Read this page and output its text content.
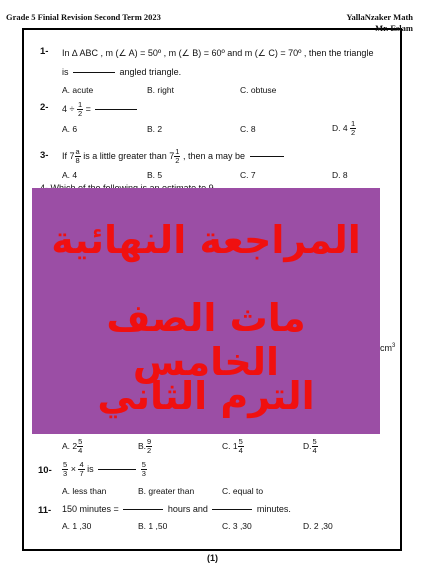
Grade 5 Finial Revision Second Term 2023	YallaNzaker Math
Mr. Eslam
1- In ∆ ABC , m (∠ A) = 50º , m (∠ B) = 60º and m (∠ C) = 70º , then the triangle
is	angled triangle.
A. acute	B. right	C. obtuse
2- $4 \div \frac{1}{2}$ =
A. 6	B. 2	C. 8	D. $4 \frac{1}{2}$
3- If $7 \frac{a}{8}$ is a little greater than $7 \frac{1}{2}$ , then a may be
A. 4	B. 5	C. 7	D. 8
المراجعة النهائية
ماث الصف الخامس
الترم الثاني
$cm^3$
A. $2 \frac{5}{4}$	B. $\frac{9}{2}$	C. $1 \frac{5}{4}$	D. $\frac{5}{4}$
$10- \frac{5}{3} \times \frac{4}{7}$ is	$\frac{5}{3}$
A. less than	B. greater than	C. equal to
11- 150 minutes =	hours and	minutes.
A. 1 ,30	B. 1 ,50	C. 3 ,30	D. 2 ,30
(1)
